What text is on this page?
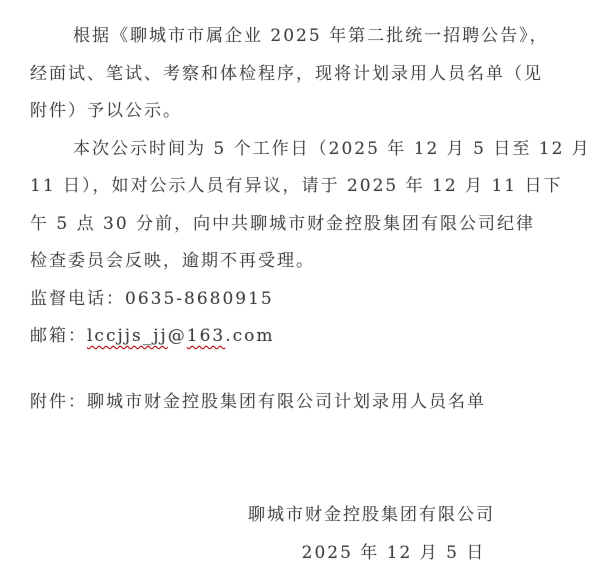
根据《聊城市市属企业 2025 年第二批统一招聘公告》，
经面试、笔试、考察和体检程序，现将计划录用人员名单（见
附件）予以公示。
本次公示时间为 5 个工作日（2025 年 12 月 5 日至 12 月
11 日），如对公示人员有异议，请于 2025 年 12 月 11 日下
午 5 点 30 分前，向中共聊城市财金控股集团有限公司纪律
检查委员会反映，逾期不再受理。
监督电话：0635-8680915
邮箱：lccjjs_jj@163.com
附件：聊城市财金控股集团有限公司计划录用人员名单
聊城市财金控股集团有限公司
2025 年 12 月 5 日
